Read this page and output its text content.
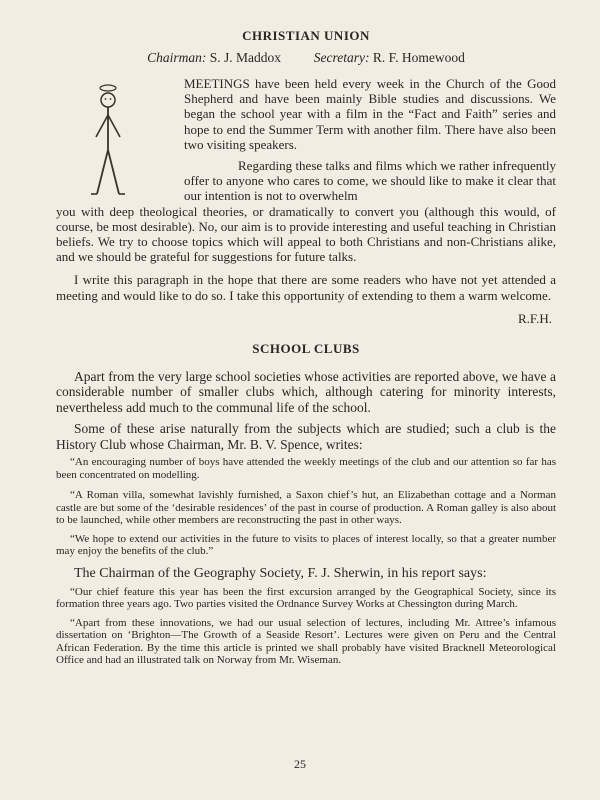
CHRISTIAN UNION
Chairman: S. J. Maddox Secretary: R. F. Homewood

MEETINGS have been held every week in the Church of the Good Shepherd and have been mainly Bible studies and discussions. We began the school year with a film in the “Fact and Faith” series and hope to end the Summer Term with another film. There have also been two visiting speakers.

Regarding these talks and films which we rather infrequently offer to anyone who cares to come, we should like to make it clear that our intention is not to overwhelm

you with deep theological theories, or dramatically to convert you (although this would, of course, be most desirable). No, our aim is to provide interesting and useful teaching in Christian beliefs. We try to choose topics which will appeal to both Christians and non-Christians alike, and we should be grateful for suggestions for future talks.

I write this paragraph in the hope that there are some readers who have not yet attended a meeting and would like to do so. I take this opportunity of extending to them a warm welcome.

R.F.H.
SCHOOL CLUBS

Apart from the very large school societies whose activities are reported above, we have a considerable number of smaller clubs which, although catering for minority interests, nevertheless add much to the communal life of the school.

Some of these arise naturally from the subjects which are studied; such a club is the History Club whose Chairman, Mr. B. V. Spence, writes:

“An encouraging number of boys have attended the weekly meetings of the club and our attention so far has been concentrated on modelling.

“A Roman villa, somewhat lavishly furnished, a Saxon chief’s hut, an Elizabethan cottage and a Norman castle are but some of the ‘desirable residences’ of the past in course of production. A Roman galley is also about to be launched, while other members are reconstructing the past in other ways.

“We hope to extend our activities in the future to visits to places of interest locally, so that a greater number may enjoy the benefits of the club.”

The Chairman of the Geography Society, F. J. Sherwin, in his report says:

“Our chief feature this year has been the first excursion arranged by the Geographical Society, since its formation three years ago. Two parties visited the Ordnance Survey Works at Chessington during March.

“Apart from these innovations, we had our usual selection of lectures, including Mr. Attree’s infamous dissertation on ‘Brighton—The Growth of a Seaside Resort’. Lectures were given on Peru and the Central African Federation. By the time this article is printed we shall probably have visited Bracknell Meteorological Office and had an illustrated talk on Norway from Mr. Wiseman.

25
